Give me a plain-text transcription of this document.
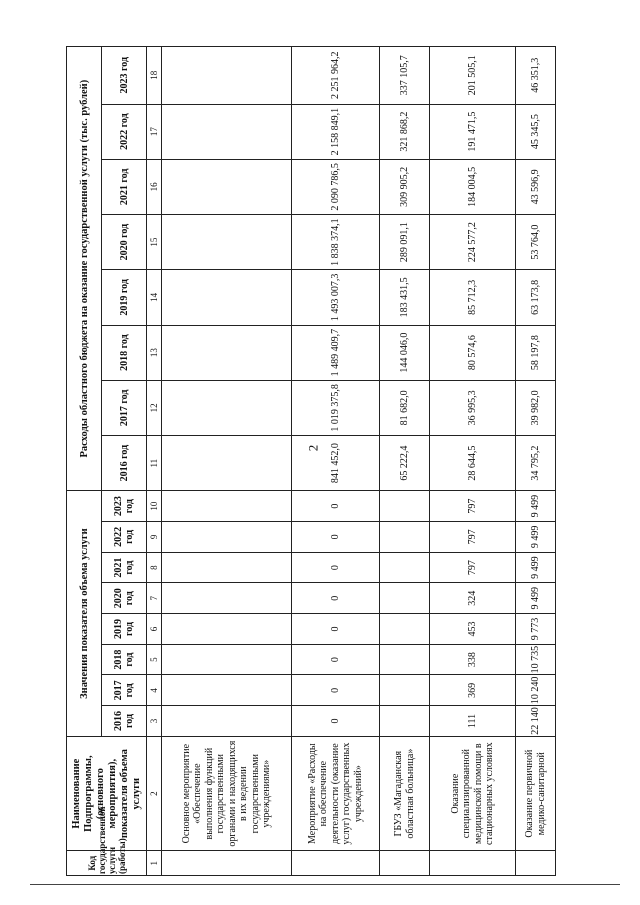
2
Код государственной услуги (работы)	Наименование Подпрограммы, (основного мероприятия), показателя объема услуги	Значения показателя объема услуги								Расходы областного бюджета на оказание государственной услуги (тыс. рублей)							
		2016 год	2017 год	2018 год	2019 год	2020 год	2021 год	2022 год	2023 год	2016 год	2017 год	2018 год	2019 год	2020 год	2021 год	2022 год	2023 год
1	2	3	4	5	6	7	8	9	10	11	12	13	14	15	16	17	18
	Основное мероприятие «Обеспечение выполнения функций государственными органами и находящихся в их ведении государственными учреждениями»																
	Мероприятие «Расходы на обеспечение деятельности (оказание услуг) государственных учреждений»	0	0	0	0	0	0	0	0	841 452,0	1 019 375,8	1 489 409,7	1 493 007,3	1 838 374,1	2 090 786,5	2 158 849,1	2 251 964,2
	ГБУЗ «Магаданская областная больница»									65 222,4	81 682,0	144 046,0	183 431,5	289 091,1	309 905,2	321 868,2	337 105,7
	Оказание специализированной медицинской помощи в стационарных условиях	111	369	338	453	324	797	797	797	28 644,5	36 995,3	80 574,6	85 712,3	224 577,2	184 004,5	191 471,5	201 505,1
	Оказание первичной медико-санитарной	22 140	10 240	10 735	9 773	9 499	9 499	9 499	9 499	34 795,2	39 982,0	58 197,8	63 173,8	53 764,0	43 596,9	45 345,5	46 351,3
